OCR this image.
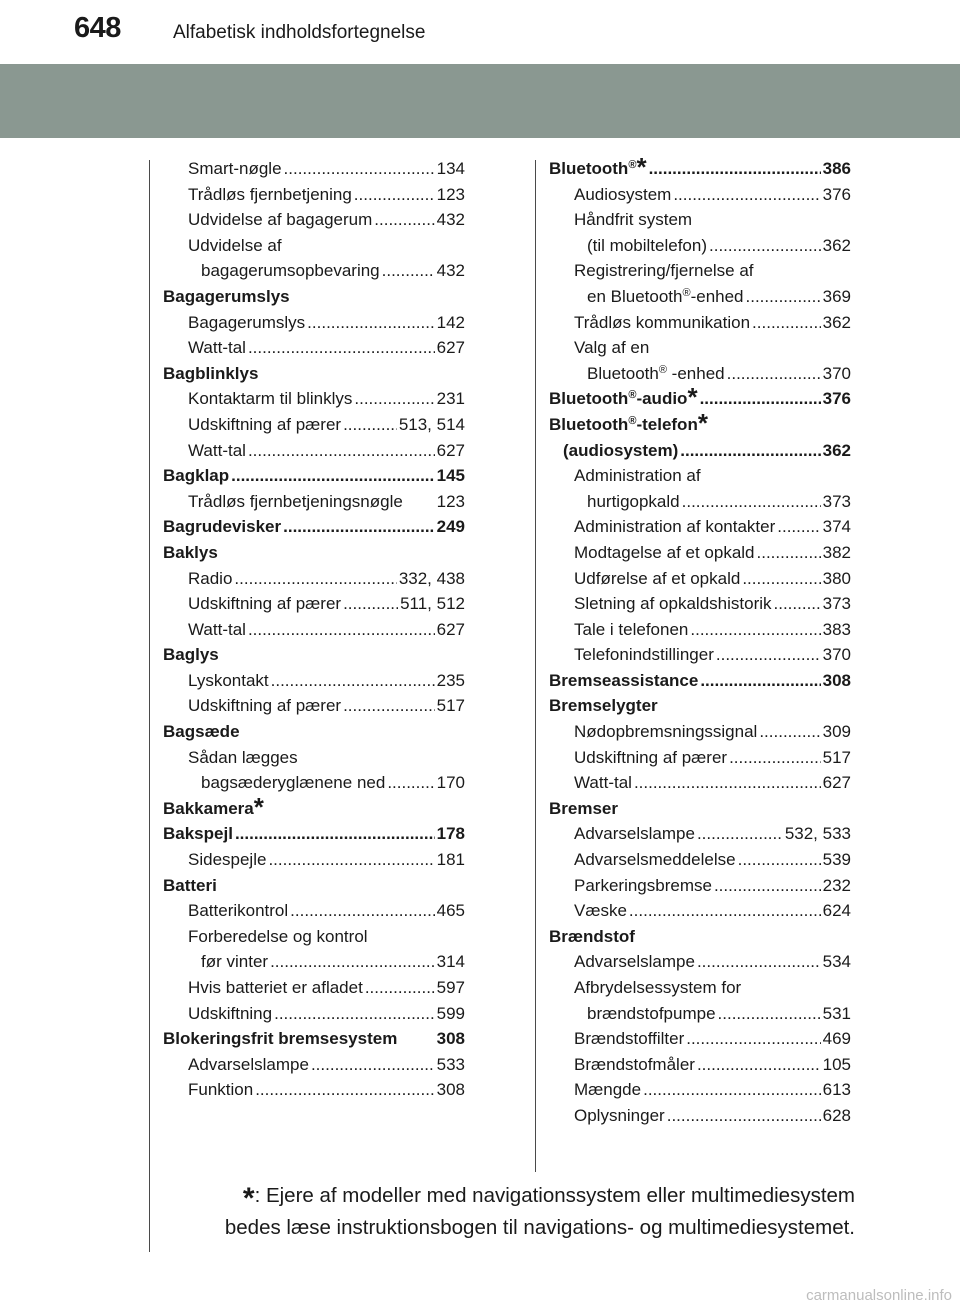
648	Alfabetisk indholdsfortegnelse
Smart-nøgle .....	134
Trådløs fjernbetjening .....	123
Udvidelse af bagagerum .....	432
Udvidelse af
bagagerumsopbevaring .....	432
Bagagerumslys
Bagagerumslys .....	142
Watt-tal .....	627
Bagblinklys
Kontaktarm til blinklys .....	231
Udskiftning af pærer .....	513, 514
Watt-tal .....	627
Bagklap .....	145
Trådløs fjernbetjeningsnøgle 123
Bagrudevisker .....	249
Baklys
Radio .....	332, 438
Udskiftning af pærer .....	511, 512
Watt-tal .....	627
Baglys
Lyskontakt .....	235
Udskiftning af pærer .....	517
Bagsæde
Sådan lægges
bagsæderyglænene ned .....	170
Bakkamera*
Bakspejl .....	178
Sidespejle .....	181
Batteri
Batterikontrol .....	465
Forberedelse og kontrol
før vinter .....	314
Hvis batteriet er afladet .....	597
Udskiftning .....	599
Blokeringsfrit bremsesystem 308
Advarselslampe .....	533
Funktion .....	308
Bluetooth®* .....	386
Audiosystem .....	376
Håndfrit system
(til mobiltelefon) .....	362
Registrering/fjernelse af
en Bluetooth®-enhed .....	369
Trådløs kommunikation .....	362
Valg af en
Bluetooth® -enhed .....	370
Bluetooth®-audio* .....	376
Bluetooth®-telefon*
(audiosystem) .....	362
Administration af
hurtigopkald .....	373
Administration af kontakter .....	374
Modtagelse af et opkald .....	382
Udførelse af et opkald .....	380
Sletning af opkaldshistorik .....	373
Tale i telefonen .....	383
Telefonindstillinger .....	370
Bremseassistance .....	308
Bremselygter
Nødopbremsningssignal .....	309
Udskiftning af pærer .....	517
Watt-tal .....	627
Bremser
Advarselslampe .....	532, 533
Advarselsmeddelelse .....	539
Parkeringsbremse .....	232
Væske .....	624
Brændstof
Advarselslampe .....	534
Afbrydelsessystem for
brændstofpumpe .....	531
Brændstoffilter .....	469
Brændstofmåler .....	105
Mængde .....	613
Oplysninger .....	628
*: Ejere af modeller med navigationssystem eller multimediesystem
bedes læse instruktionsbogen til navigations- og multimediesystemet.
carmanualsonline.info
